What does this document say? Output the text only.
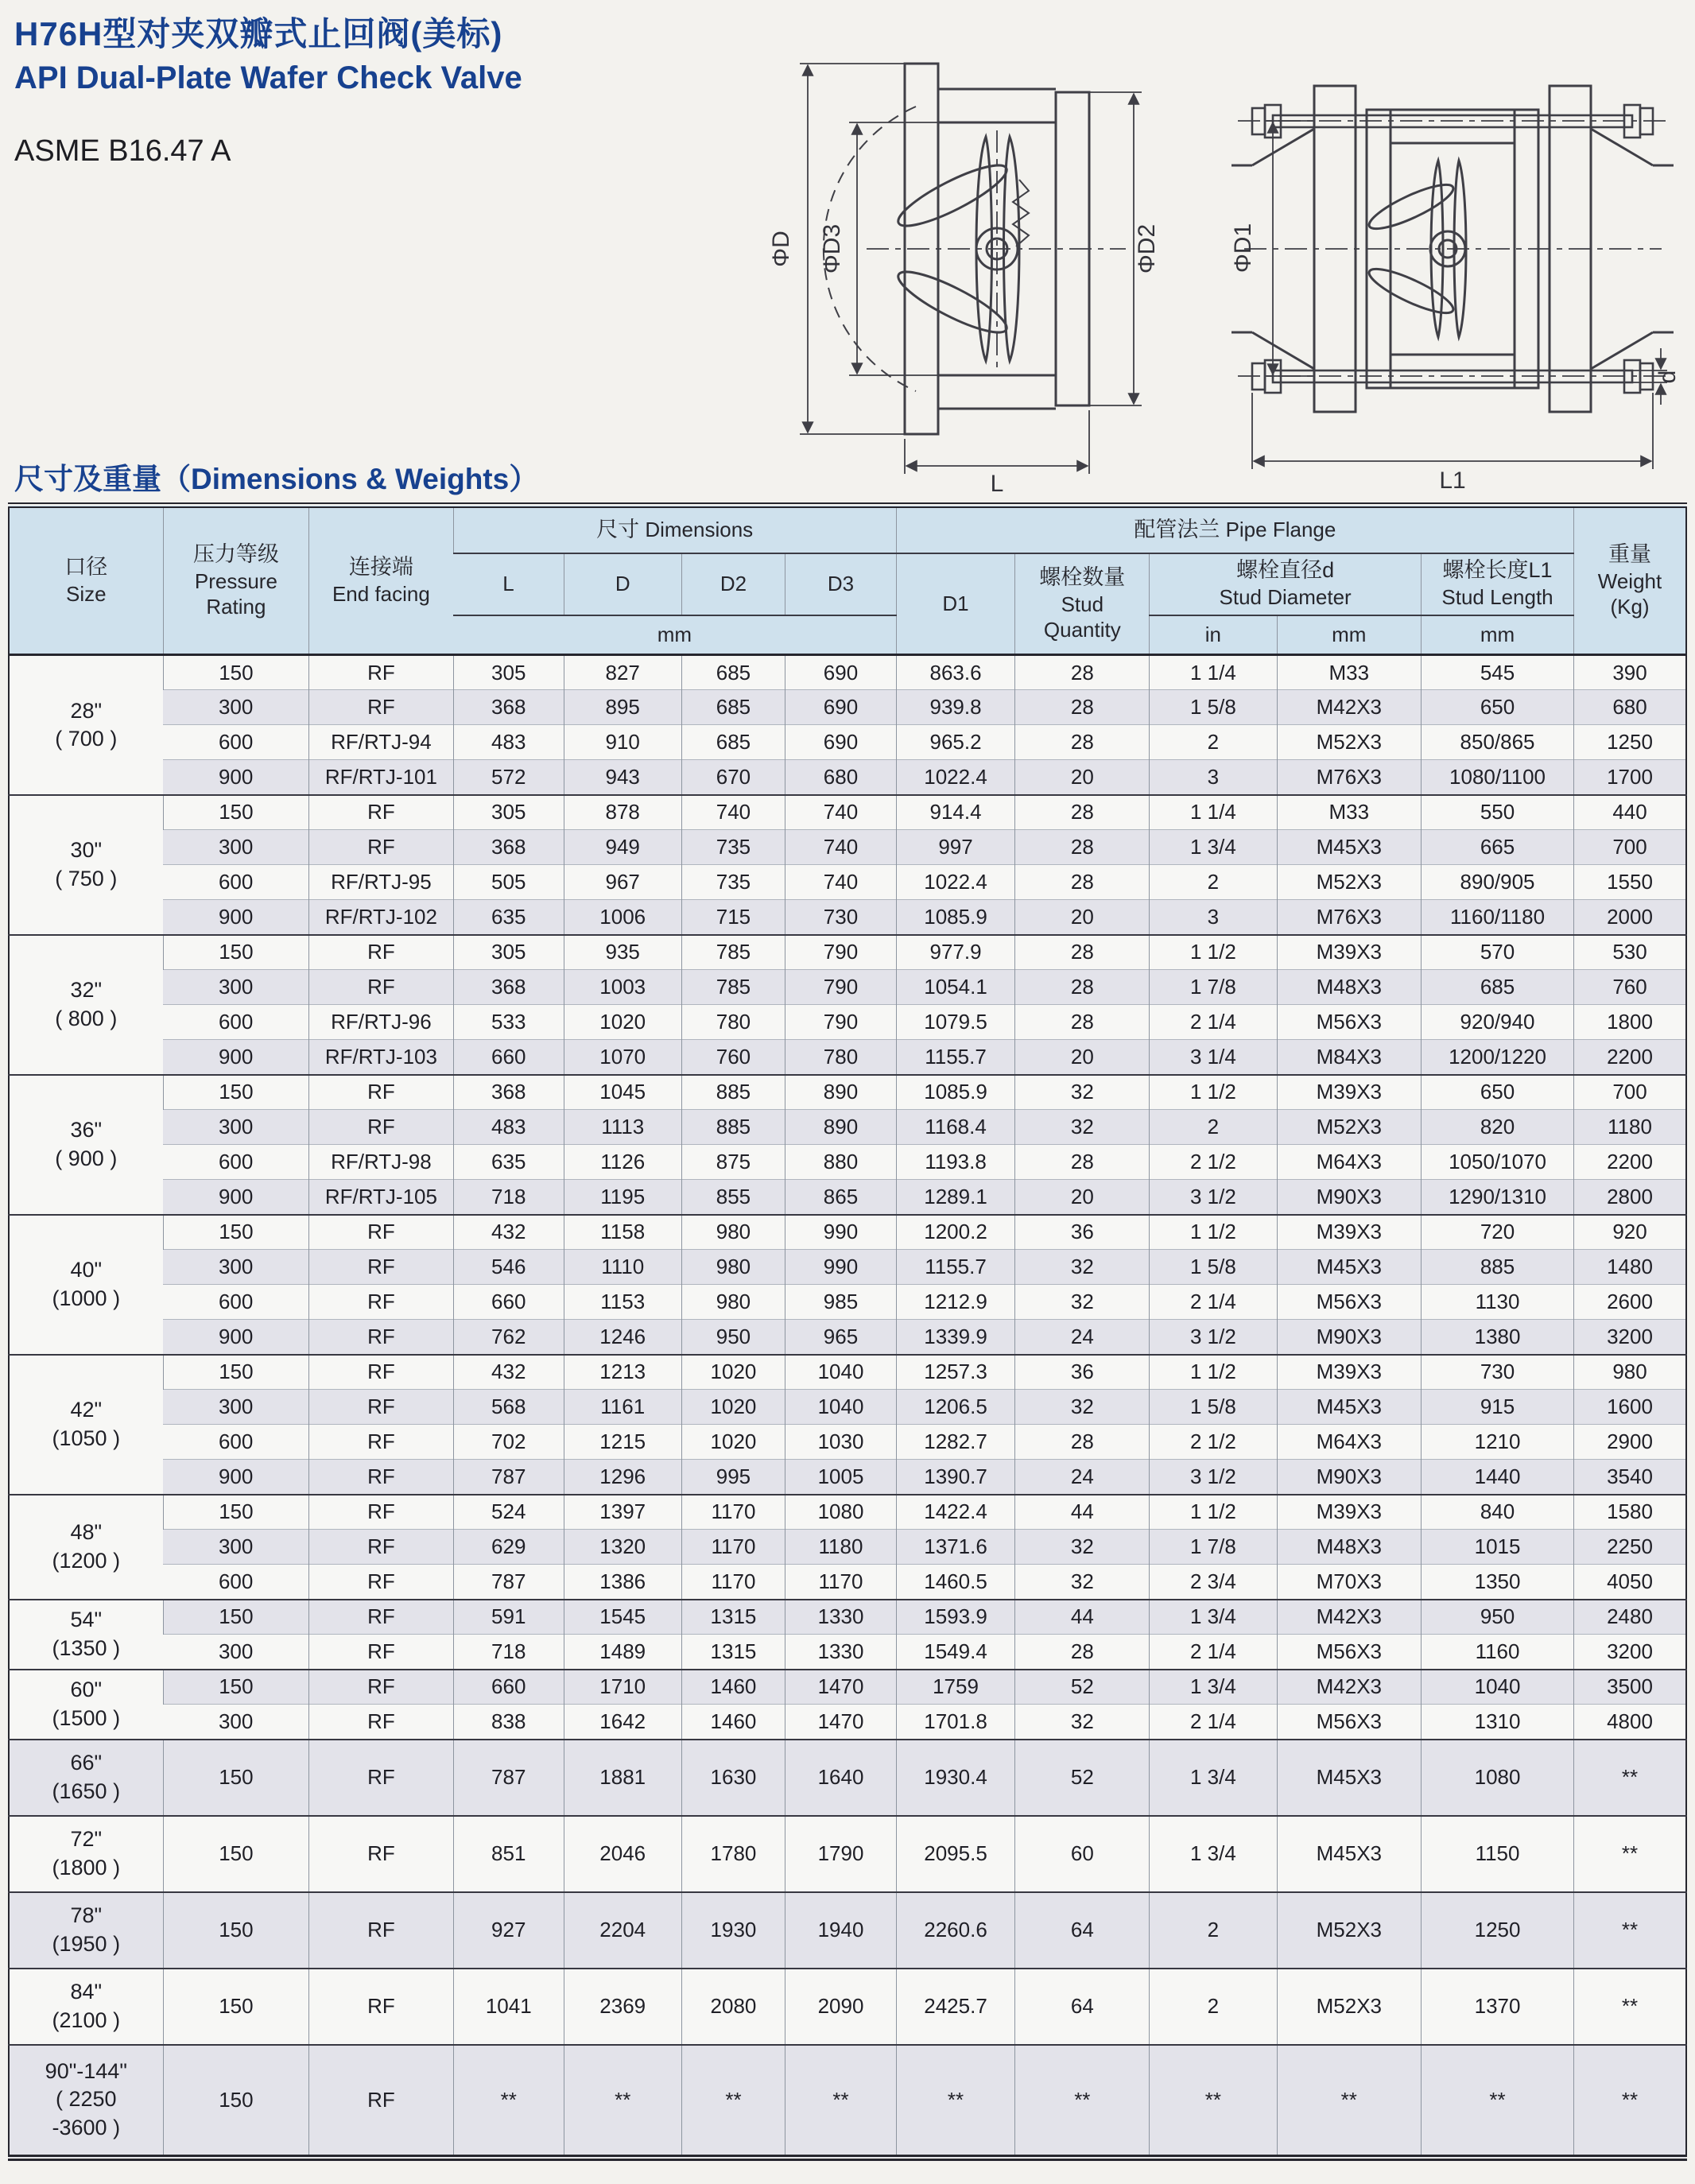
H76H型对夹双瓣式止回阀(美标)
API Dual-Plate Wafer Check Valve
ASME B16.47 A
ΦD ΦD3	ΦD2
L
ΦD1
L1
d
尺寸及重量（Dimensions & Weights）
口径
Size	压力等级
Pressure Rating	连接端
End facing	尺寸 Dimensions				配管法兰 Pipe Flange					重量
Weight
(Kg)

			L	D	D2	D3	D1	螺栓数量
Stud Quantity	螺栓直径d
Stud Diameter		螺栓长度L1
Stud Length	

			mm						in	mm	mm	
28"
( 700 )	150	RF	305	827	685	690	863.6	28	1 1/4	M33	545	390
	300	RF	368	895	685	690	939.8	28	1 5/8	M42X3	650	680
	600	RF/RTJ-94	483	910	685	690	965.2	28	2	M52X3	850/865	1250
	900	RF/RTJ-101	572	943	670	680	1022.4	20	3	M76X3	1080/1100	1700
30"
( 750 )	150	RF	305	878	740	740	914.4	28	1 1/4	M33	550	440
	300	RF	368	949	735	740	997	28	1 3/4	M45X3	665	700
	600	RF/RTJ-95	505	967	735	740	1022.4	28	2	M52X3	890/905	1550
	900	RF/RTJ-102	635	1006	715	730	1085.9	20	3	M76X3	1160/1180	2000
32"
( 800 )	150	RF	305	935	785	790	977.9	28	1 1/2	M39X3	570	530
	300	RF	368	1003	785	790	1054.1	28	1 7/8	M48X3	685	760
	600	RF/RTJ-96	533	1020	780	790	1079.5	28	2 1/4	M56X3	920/940	1800
	900	RF/RTJ-103	660	1070	760	780	1155.7	20	3 1/4	M84X3	1200/1220	2200
36"
( 900 )	150	RF	368	1045	885	890	1085.9	32	1 1/2	M39X3	650	700
	300	RF	483	1113	885	890	1168.4	32	2	M52X3	820	1180
	600	RF/RTJ-98	635	1126	875	880	1193.8	28	2 1/2	M64X3	1050/1070	2200
	900	RF/RTJ-105	718	1195	855	865	1289.1	20	3 1/2	M90X3	1290/1310	2800
40"
(1000 )	150	RF	432	1158	980	990	1200.2	36	1 1/2	M39X3	720	920
	300	RF	546	1110	980	990	1155.7	32	1 5/8	M45X3	885	1480
	600	RF	660	1153	980	985	1212.9	32	2 1/4	M56X3	1130	2600
	900	RF	762	1246	950	965	1339.9	24	3 1/2	M90X3	1380	3200
42"
(1050 )	150	RF	432	1213	1020	1040	1257.3	36	1 1/2	M39X3	730	980
	300	RF	568	1161	1020	1040	1206.5	32	1 5/8	M45X3	915	1600
	600	RF	702	1215	1020	1030	1282.7	28	2 1/2	M64X3	1210	2900
	900	RF	787	1296	995	1005	1390.7	24	3 1/2	M90X3	1440	3540
48"
(1200 )	150	RF	524	1397	1170	1080	1422.4	44	1 1/2	M39X3	840	1580
	300	RF	629	1320	1170	1180	1371.6	32	1 7/8	M48X3	1015	2250
	600	RF	787	1386	1170	1170	1460.5	32	2 3/4	M70X3	1350	4050
54"
(1350 )	150	RF	591	1545	1315	1330	1593.9	44	1 3/4	M42X3	950	2480
	300	RF	718	1489	1315	1330	1549.4	28	2 1/4	M56X3	1160	3200
60"
(1500 )	150	RF	660	1710	1460	1470	1759	52	1 3/4	M42X3	1040	3500
	300	RF	838	1642	1460	1470	1701.8	32	2 1/4	M56X3	1310	4800
66"
(1650 )	150	RF	787	1881	1630	1640	1930.4	52	1 3/4	M45X3	1080	**
72"
(1800 )	150	RF	851	2046	1780	1790	2095.5	60	1 3/4	M45X3	1150	**
78"
(1950 )	150	RF	927	2204	1930	1940	2260.6	64	2	M52X3	1250	**
84"
(2100 )	150	RF	1041	2369	2080	2090	2425.7	64	2	M52X3	1370	**
90"-144"
( 2250
-3600 )	150	RF	**	**	**	**	**	**	**	**	**	**
